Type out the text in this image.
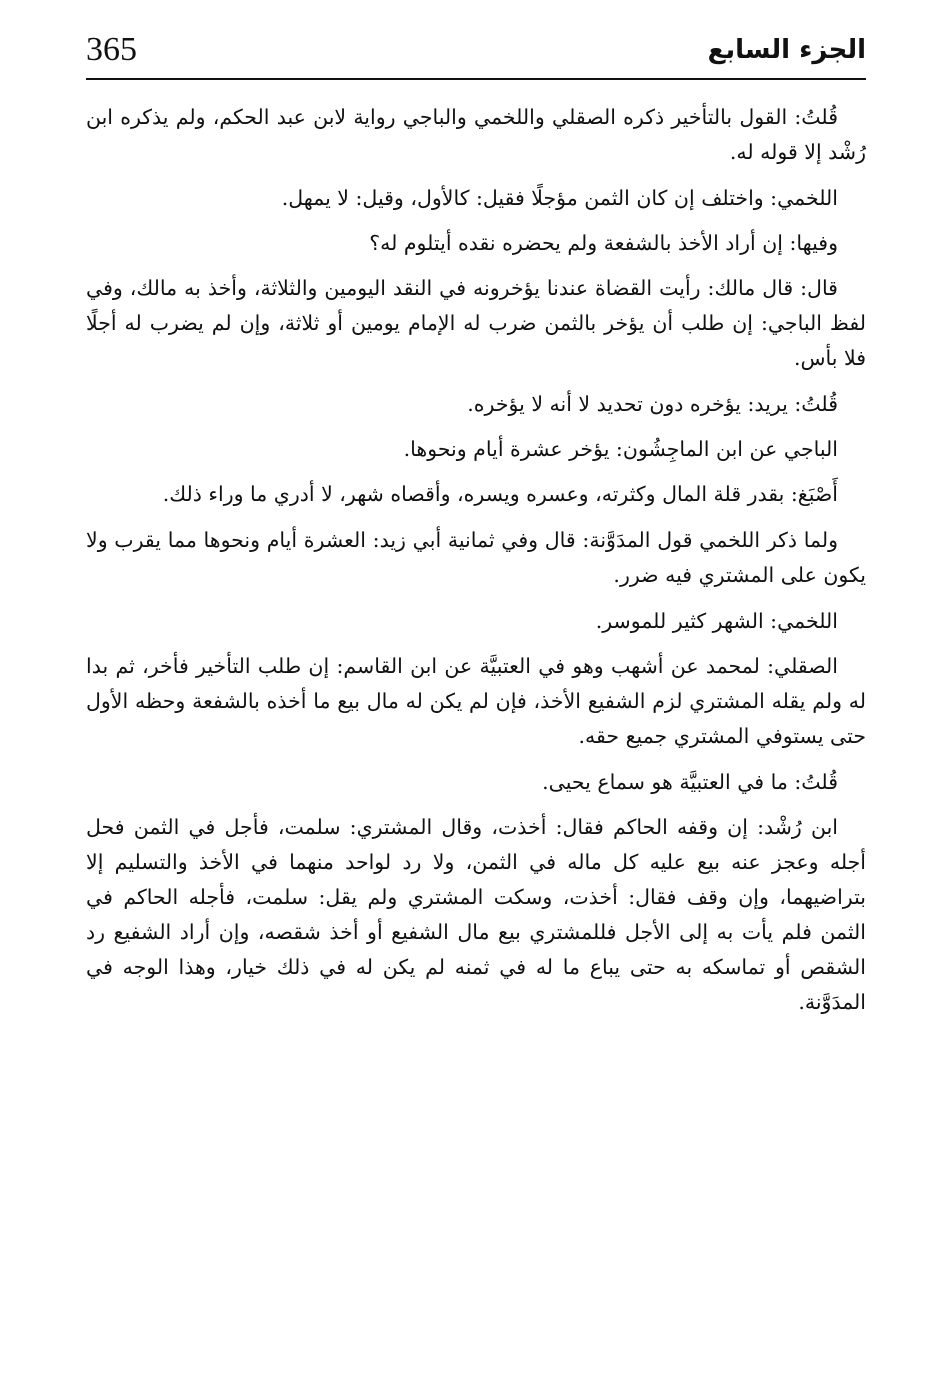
365	الجزء السابع

قُلتُ: القول بالتأخير ذكره الصقلي واللخمي والباجي رواية لابن عبد الحكم، ولم يذكره ابن رُشْد إلا قوله له.

اللخمي: واختلف إن كان الثمن مؤجلًا فقيل: كالأول، وقيل: لا يمهل.

وفيها: إن أراد الأخذ بالشفعة ولم يحضره نقده أيتلوم له؟

قال: قال مالك: رأيت القضاة عندنا يؤخرونه في النقد اليومين والثلاثة، وأخذ به مالك، وفي لفظ الباجي: إن طلب أن يؤخر بالثمن ضرب له الإمام يومين أو ثلاثة، وإن لم يضرب له أجلًا فلا بأس.

قُلتُ: يريد: يؤخره دون تحديد لا أنه لا يؤخره.

الباجي عن ابن الماجِشُون: يؤخر عشرة أيام ونحوها.

أَصْبَغ: بقدر قلة المال وكثرته، وعسره ويسره، وأقصاه شهر، لا أدري ما وراء ذلك.

ولما ذكر اللخمي قول المدَوَّنة: قال وفي ثمانية أبي زيد: العشرة أيام ونحوها مما يقرب ولا يكون على المشتري فيه ضرر.

اللخمي: الشهر كثير للموسر.

الصقلي: لمحمد عن أشهب وهو في العتبيَّة عن ابن القاسم: إن طلب التأخير فأخر، ثم بدا له ولم يقله المشتري لزم الشفيع الأخذ، فإن لم يكن له مال بيع ما أخذه بالشفعة وحظه الأول حتى يستوفي المشتري جميع حقه.

قُلتُ: ما في العتبيَّة هو سماع يحيى.

ابن رُشْد: إن وقفه الحاكم فقال: أخذت، وقال المشتري: سلمت، فأجل في الثمن فحل أجله وعجز عنه بيع عليه كل ماله في الثمن، ولا رد لواحد منهما في الأخذ والتسليم إلا بتراضيهما، وإن وقف فقال: أخذت، وسكت المشتري ولم يقل: سلمت، فأجله الحاكم في الثمن فلم يأت به إلى الأجل فللمشتري بيع مال الشفيع أو أخذ شقصه، وإن أراد الشفيع رد الشقص أو تماسكه به حتى يباع ما له في ثمنه لم يكن له في ذلك خيار، وهذا الوجه في المدَوَّنة.
